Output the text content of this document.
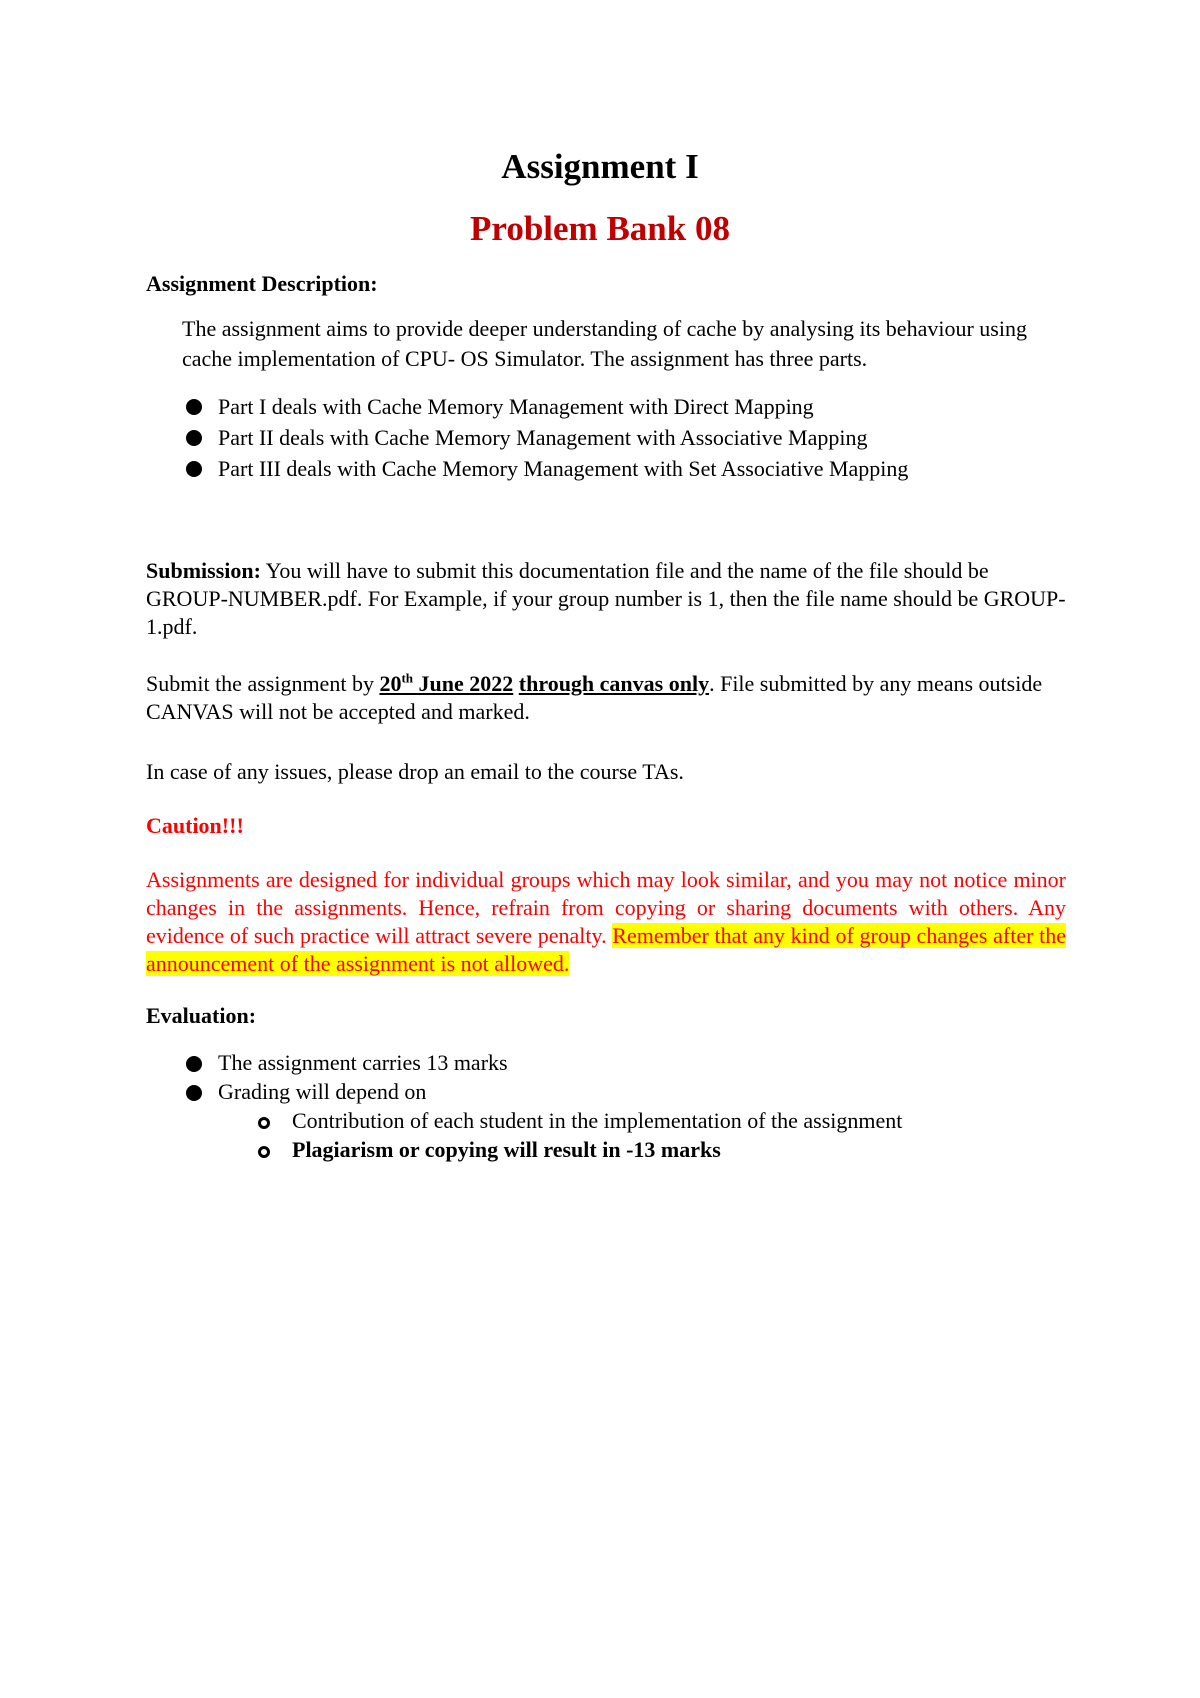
Assignment I
Problem Bank 08

Assignment Description:

The assignment aims to provide deeper understanding of cache by analysing its behaviour using cache implementation of CPU- OS Simulator. The assignment has three parts.

Part I deals with Cache Memory Management with Direct Mapping
Part II deals with Cache Memory Management with Associative Mapping
Part III deals with Cache Memory Management with Set Associative Mapping

Submission: You will have to submit this documentation file and the name of the file should be GROUP-NUMBER.pdf. For Example, if your group number is 1, then the file name should be GROUP-1.pdf.

Submit the assignment by 20th June 2022 through canvas only. File submitted by any means outside CANVAS will not be accepted and marked.

In case of any issues, please drop an email to the course TAs.

Caution!!!

Assignments are designed for individual groups which may look similar, and you may not notice minor changes in the assignments. Hence, refrain from copying or sharing documents with others. Any evidence of such practice will attract severe penalty. Remember that any kind of group changes after the announcement of the assignment is not allowed.

Evaluation:

The assignment carries 13 marks
Grading will depend on
Contribution of each student in the implementation of the assignment
Plagiarism or copying will result in -13 marks
